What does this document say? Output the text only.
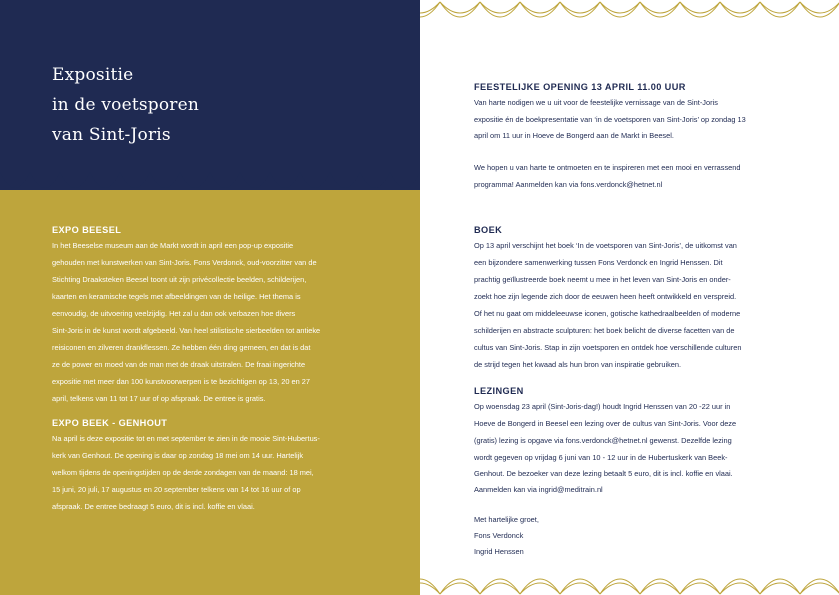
Expositie
in de voetsporen
van Sint-Joris
EXPO BEESEL
In het Beeselse museum aan de Markt wordt in april een pop-up expositie
gehouden met kunstwerken van Sint-Joris. Fons Verdonck, oud-voorzitter van de
Stichting Draaksteken Beesel toont uit zijn privécollectie beelden, schilderijen,
kaarten en keramische tegels met afbeeldingen van de heilige. Het thema is
eenvoudig, de uitvoering veelzijdig. Het zal u dan ook verbazen hoe divers
Sint-Joris in de kunst wordt afgebeeld. Van heel stilistische sierbeelden tot antieke
reisiconen en zilveren drankflessen. Ze hebben één ding gemeen, en dat is dat
ze de power en moed van de man met de draak uitstralen. De fraai ingerichte
expositie met meer dan 100 kunstvoorwerpen is te bezichtigen op 13, 20 en 27
april, telkens van 11 tot 17 uur of op afspraak. De entree is gratis.
EXPO BEEK - GENHOUT
Na april is deze expositie tot en met september te zien in de mooie Sint-Hubertus-
kerk van Genhout. De opening is daar op zondag 18 mei om 14 uur. Hartelijk
welkom tijdens de openingstijden op de derde zondagen van de maand: 18 mei,
15 juni, 20 juli, 17 augustus en 20 september telkens van 14 tot 16 uur of op
afspraak. De entree bedraagt 5 euro, dit is incl. koffie en vlaai.
FEESTELIJKE OPENING 13 APRIL 11.00 UUR
Van harte nodigen we u uit voor de feestelijke vernissage van de Sint-Joris
expositie én de boekpresentatie van ‘in de voetsporen van Sint-Joris’ op zondag 13
april om 11 uur in Hoeve de Bongerd aan de Markt in Beesel.
We hopen u van harte te ontmoeten en te inspireren met een mooi en verrassend
programma! Aanmelden kan via fons.verdonck@hetnet.nl
BOEK
Op 13 april verschijnt het boek ‘In de voetsporen van Sint-Joris’, de uitkomst van
een bijzondere samenwerking tussen Fons Verdonck en Ingrid Henssen. Dit
prachtig geïllustreerde boek neemt u mee in het leven van Sint-Joris en onder-
zoekt hoe zijn legende zich door de eeuwen heen heeft ontwikkeld en verspreid.
Of het nu gaat om middeleeuwse iconen, gotische kathedraalbeelden of moderne
schilderijen en abstracte sculpturen: het boek belicht de diverse facetten van de
cultus van Sint-Joris. Stap in zijn voetsporen en ontdek hoe verschillende culturen
de strijd tegen het kwaad als hun bron van inspiratie gebruiken.
LEZINGEN
Op woensdag 23 april (Sint-Joris-dag!) houdt Ingrid Henssen van 20 -22 uur in
Hoeve de Bongerd in Beesel een lezing over de cultus van Sint-Joris. Voor deze
(gratis) lezing is opgave via fons.verdonck@hetnet.nl gewenst. Dezelfde lezing
wordt gegeven op vrijdag 6 juni van 10 - 12 uur in de Hubertuskerk van Beek-
Genhout. De bezoeker van deze lezing betaalt 5 euro, dit is incl. koffie en vlaai.
Aanmelden kan via ingrid@meditrain.nl
Met hartelijke groet,
Fons Verdonck
Ingrid Henssen
